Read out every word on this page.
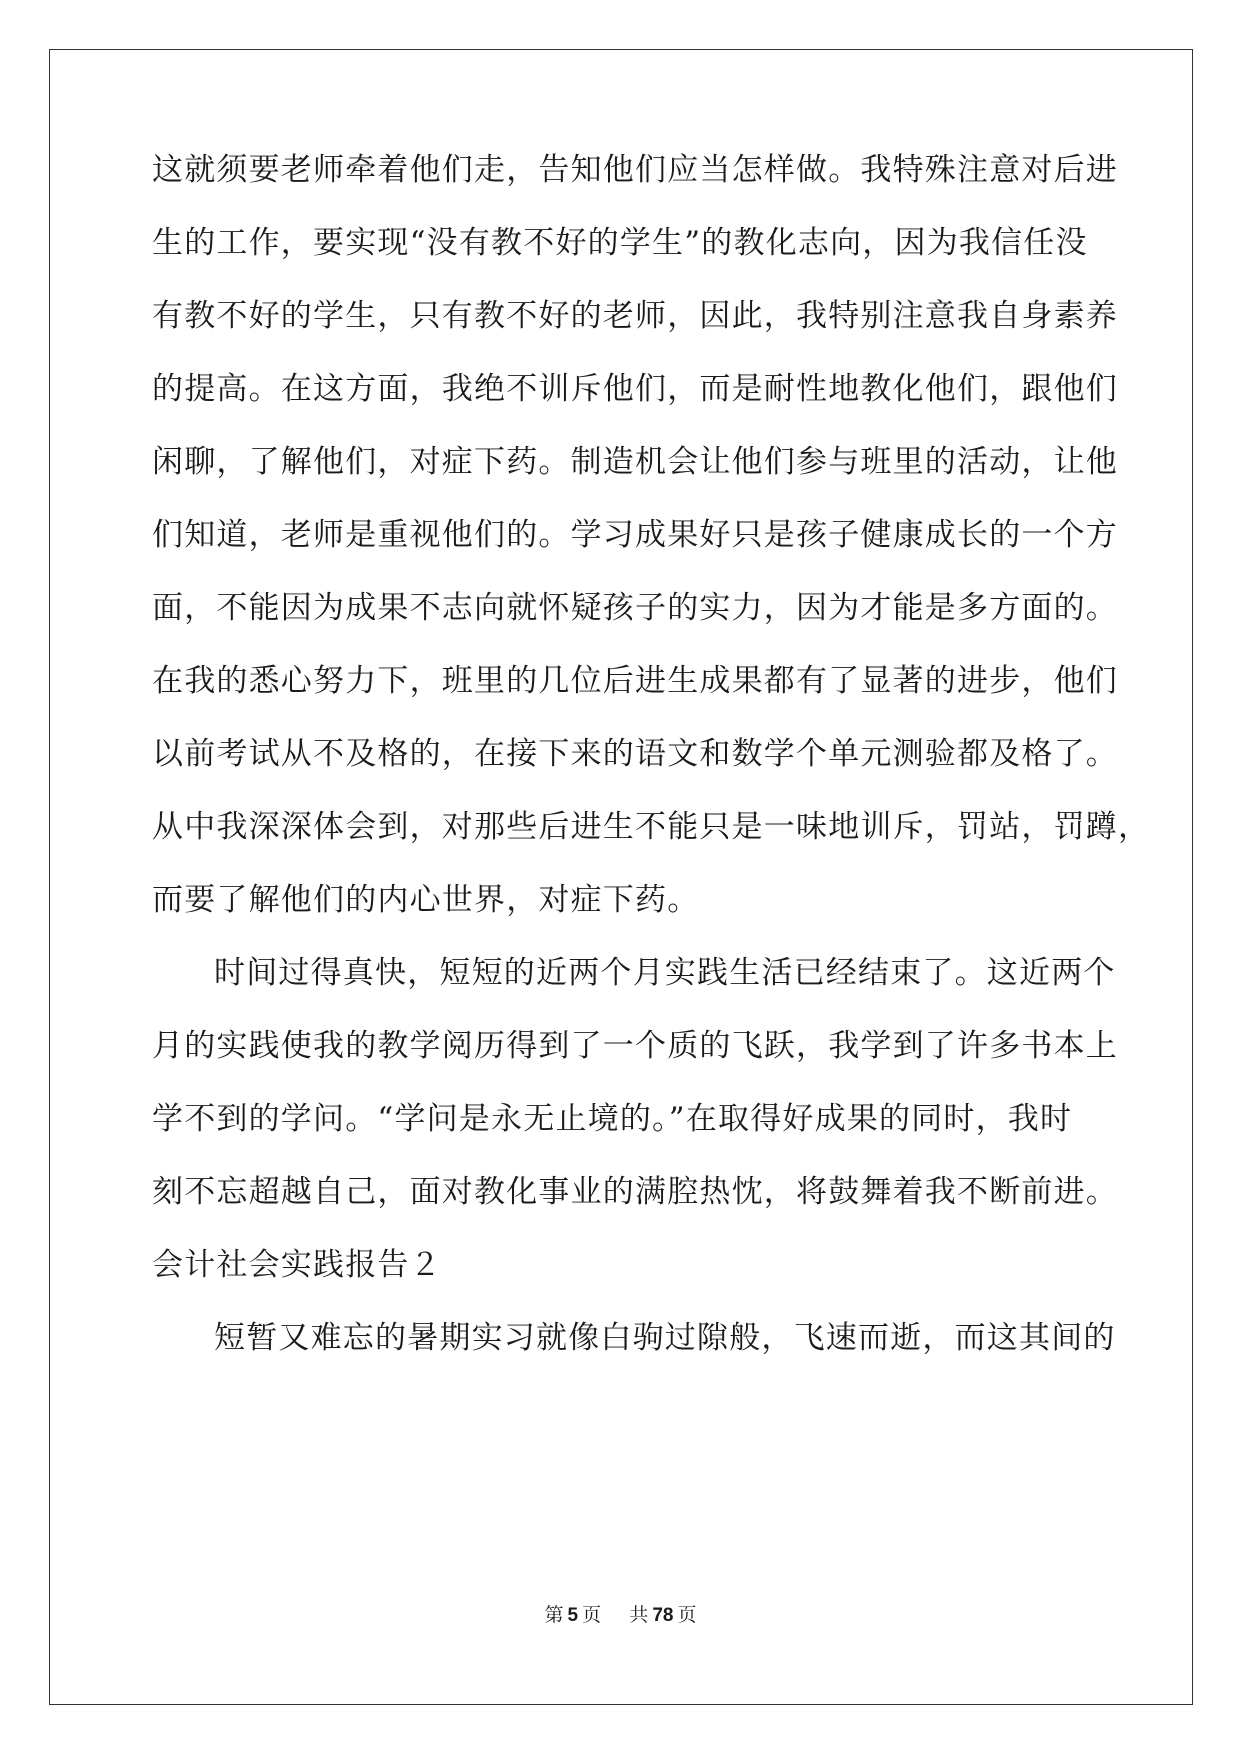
这就须要老师牵着他们走，告知他们应当怎样做。我特殊注意对后进
生的工作，要实现“没有教不好的学生”的教化志向，因为我信任没
有教不好的学生，只有教不好的老师，因此，我特别注意我自身素养
的提高。在这方面，我绝不训斥他们，而是耐性地教化他们，跟他们
闲聊，了解他们，对症下药。制造机会让他们参与班里的活动，让他
们知道，老师是重视他们的。学习成果好只是孩子健康成长的一个方
面，不能因为成果不志向就怀疑孩子的实力，因为才能是多方面的。
在我的悉心努力下，班里的几位后进生成果都有了显著的进步，他们
以前考试从不及格的，在接下来的语文和数学个单元测验都及格了。
从中我深深体会到，对那些后进生不能只是一味地训斥，罚站，罚蹲，
而要了解他们的内心世界，对症下药。
时间过得真快，短短的近两个月实践生活已经结束了。这近两个
月的实践使我的教学阅历得到了一个质的飞跃，我学到了许多书本上
学不到的学问。“学问是永无止境的。”在取得好成果的同时，我时
刻不忘超越自己，面对教化事业的满腔热忱，将鼓舞着我不断前进。
会计社会实践报告２
短暂又难忘的暑期实习就像白驹过隙般，飞速而逝，而这其间的
第 5 页 共 78 页
